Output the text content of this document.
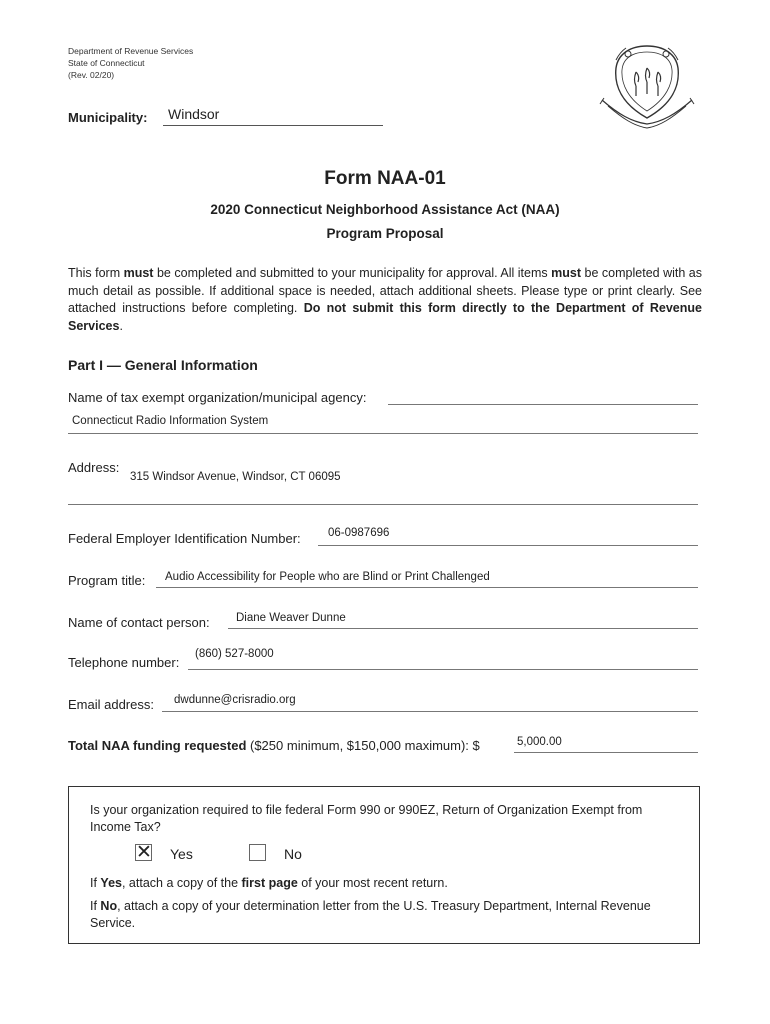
Department of Revenue Services
State of Connecticut
(Rev. 02/20)
Municipality: Windsor
Form NAA-01
2020 Connecticut Neighborhood Assistance Act (NAA)
Program Proposal
This form must be completed and submitted to your municipality for approval. All items must be completed with as much detail as possible. If additional space is needed, attach additional sheets. Please type or print clearly. See attached instructions before completing. Do not submit this form directly to the Department of Revenue Services.
Part I — General Information
Name of tax exempt organization/municipal agency:
Connecticut Radio Information System
Address:
315 Windsor Avenue, Windsor, CT 06095
Federal Employer Identification Number: 06-0987696
Program title: Audio Accessibility for People who are Blind or Print Challenged
Name of contact person: Diane Weaver Dunne
Telephone number:
(860) 527-8000
Email address: dwdunne@crisradio.org
Total NAA funding requested ($250 minimum, $150,000 maximum): $	5,000.00
Is your organization required to file federal Form 990 or 990EZ, Return of Organization Exempt from Income Tax?
✕ Yes	No
If Yes, attach a copy of the first page of your most recent return.
If No, attach a copy of your determination letter from the U.S. Treasury Department, Internal Revenue Service.
